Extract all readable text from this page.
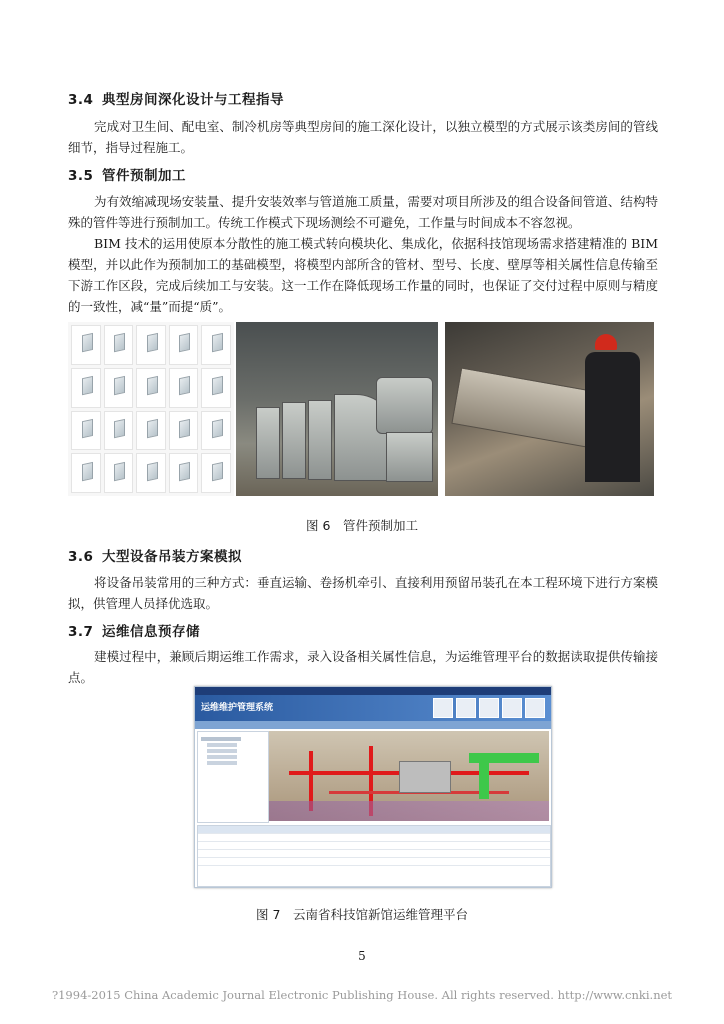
3.4 典型房间深化设计与工程指导
完成对卫生间、配电室、制冷机房等典型房间的施工深化设计，以独立模型的方式展示该类房间的管线细节，指导过程施工。
3.5 管件预制加工
为有效缩减现场安装量、提升安装效率与管道施工质量，需要对项目所涉及的组合设备间管道、结构特殊的管件等进行预制加工。传统工作模式下现场测绘不可避免，工作量与时间成本不容忽视。
BIM 技术的运用使原本分散性的施工模式转向模块化、集成化，依据科技馆现场需求搭建精准的 BIM 模型，并以此作为预制加工的基础模型，将模型内部所含的管材、型号、长度、壁厚等相关属性信息传输至下游工作区段，完成后续加工与安装。这一工作在降低现场工作量的同时，也保证了交付过程中原则与精度的一致性，减“量”而提“质”。
图 6　管件预制加工
3.6 大型设备吊装方案模拟
将设备吊装常用的三种方式：垂直运输、卷扬机牵引、直接利用预留吊装孔在本工程环境下进行方案模拟，供管理人员择优选取。
3.7 运维信息预存储
建模过程中，兼顾后期运维工作需求，录入设备相关属性信息，为运维管理平台的数据读取提供传输接点。
运维维护管理系统
图 7　云南省科技馆新馆运维管理平台
5
?1994-2015 China Academic Journal Electronic Publishing House. All rights reserved. http://www.cnki.net
